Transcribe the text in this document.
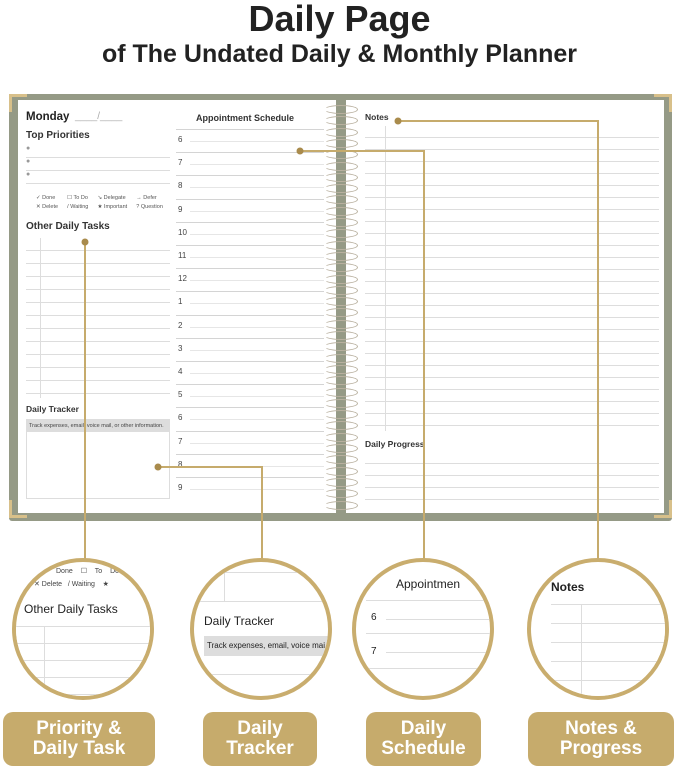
Daily Page
of The Undated Daily & Monthly Planner
Monday ____/____
Top Priorities
●
●
●
✓ Done	☐ To Do	↘ Delegate	→ Defer
✕ Delete	/ Waiting	★ Important	? Question
Other Daily Tasks
Daily Tracker
Track expenses, email, voice mail, or other information.
Appointment Schedule
6
7
8
9
10
11
12
1
2
3
4
5
6
7
8
9
Notes
Daily Progress
Done ☐ To Do
✕ Delete / Waiting ★
Other Daily Tasks
Daily Tracker
Track expenses, email, voice mai
Appointmen
6
7
Notes
Priority &
Daily Task
Daily
Tracker
Daily
Schedule
Notes &
Progress
